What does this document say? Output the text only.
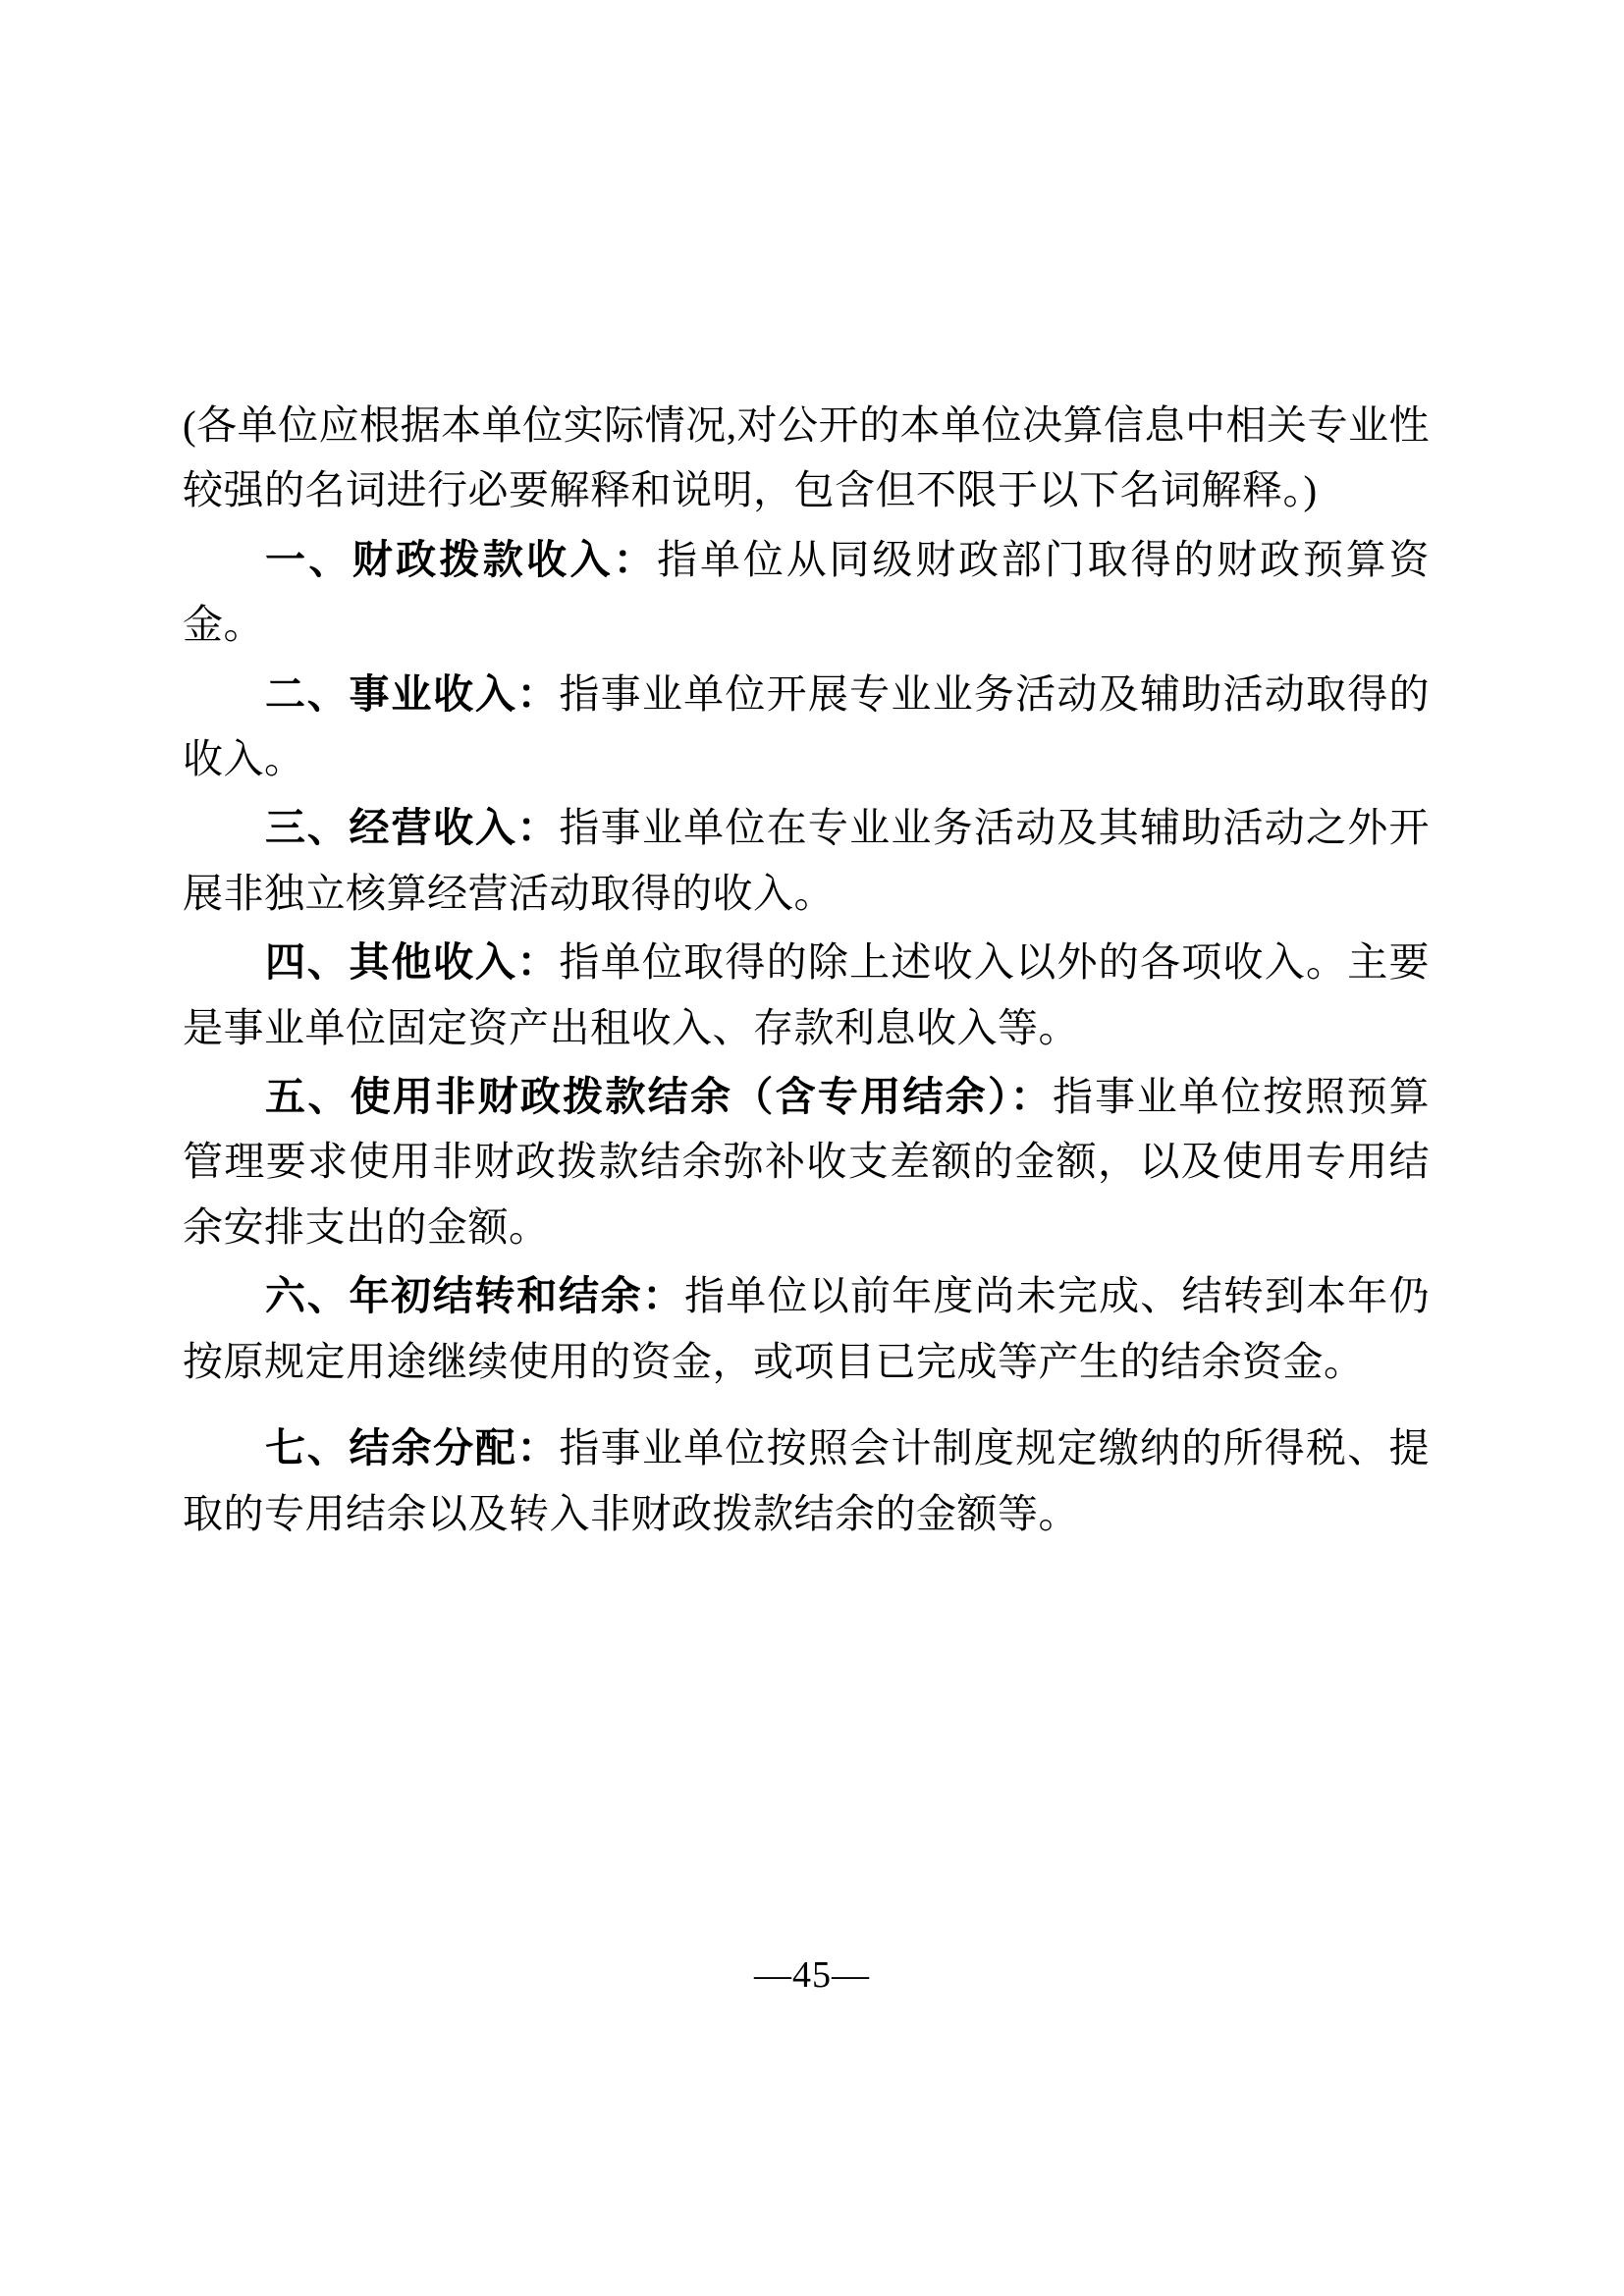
(各单位应根据本单位实际情况,对公开的本单位决算信息中相关专业性较强的名词进行必要解释和说明，包含但不限于以下名词解释。)

一、财政拨款收入：指单位从同级财政部门取得的财政预算资金。

二、事业收入：指事业单位开展专业业务活动及辅助活动取得的收入。

三、经营收入：指事业单位在专业业务活动及其辅助活动之外开展非独立核算经营活动取得的收入。

四、其他收入：指单位取得的除上述收入以外的各项收入。主要是事业单位固定资产出租收入、存款利息收入等。

五、使用非财政拨款结余（含专用结余）：指事业单位按照预算管理要求使用非财政拨款结余弥补收支差额的金额，以及使用专用结余安排支出的金额。

六、年初结转和结余：指单位以前年度尚未完成、结转到本年仍按原规定用途继续使用的资金，或项目已完成等产生的结余资金。

七、结余分配：指事业单位按照会计制度规定缴纳的所得税、提取的专用结余以及转入非财政拨款结余的金额等。

—45—
